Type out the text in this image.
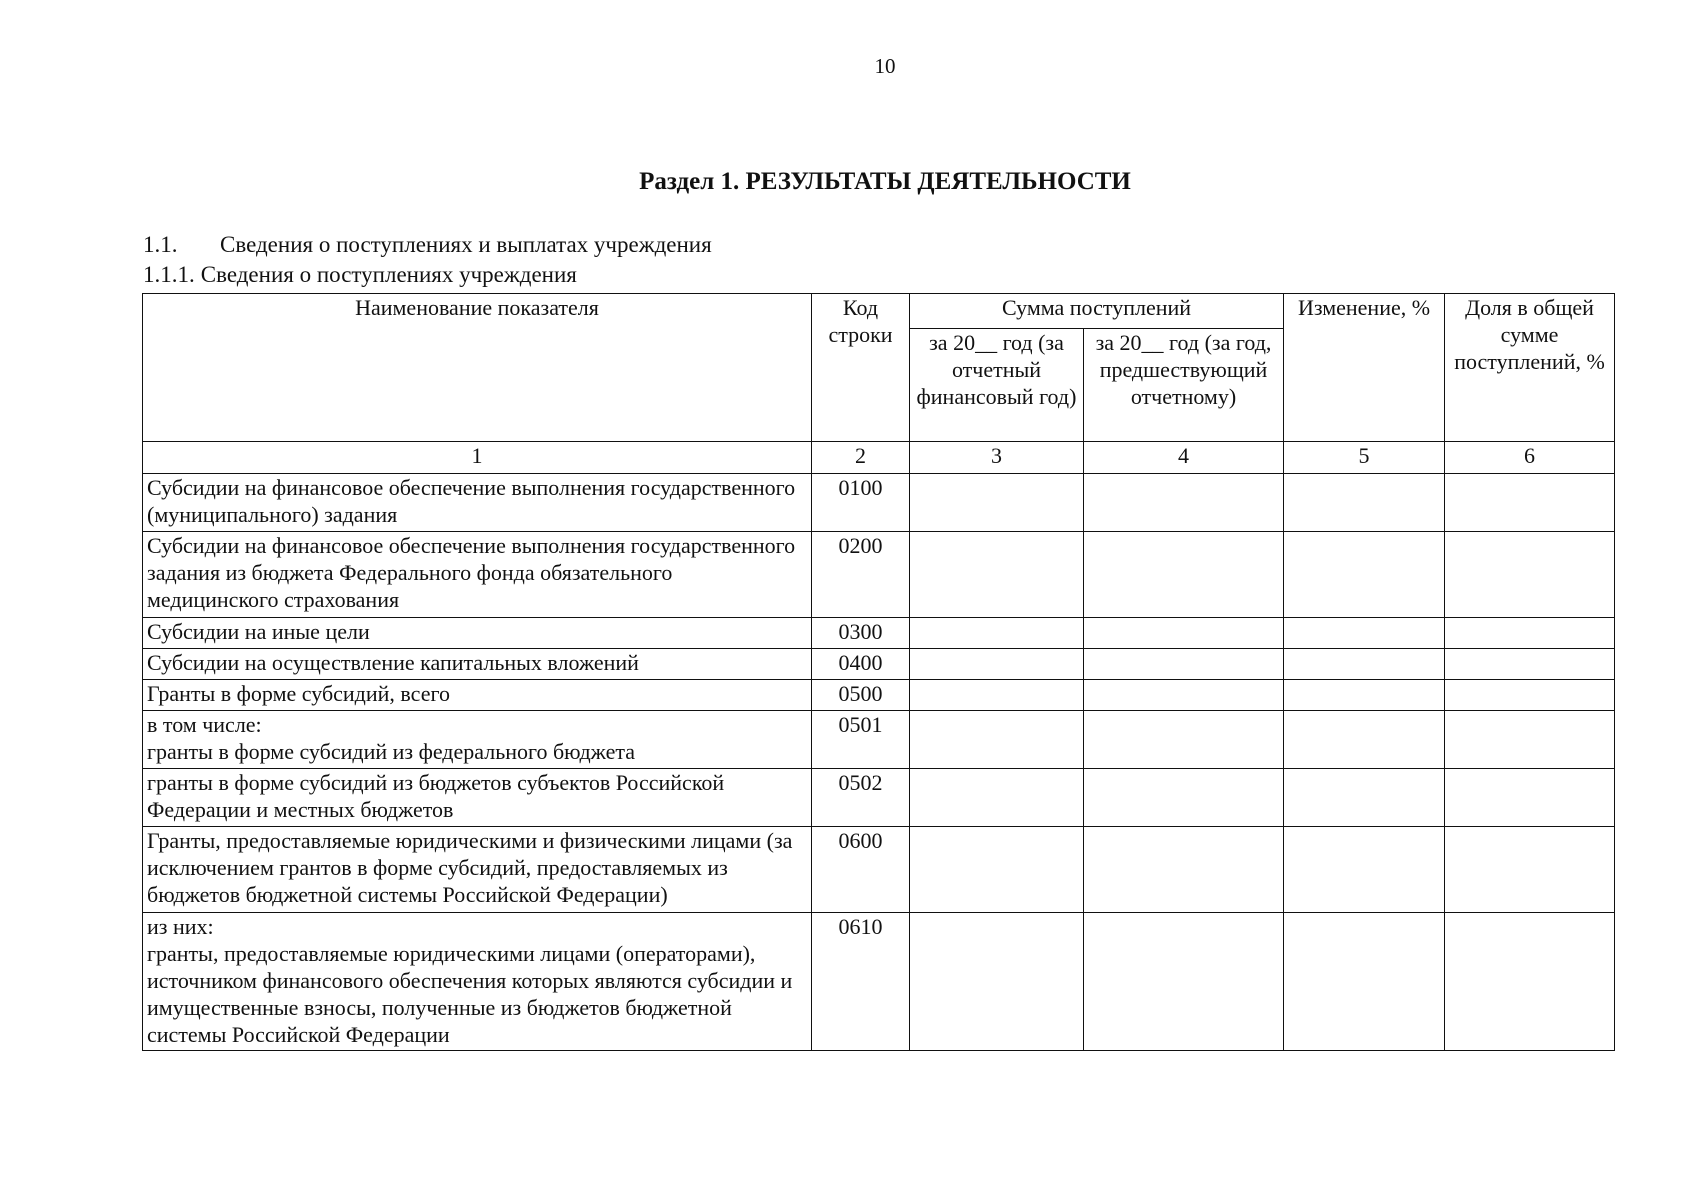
10
Раздел 1. РЕЗУЛЬТАТЫ ДЕЯТЕЛЬНОСТИ
1.1. Сведения о поступлениях и выплатах учреждения
1.1.1. Сведения о поступлениях учреждения
Наименование показателя	Код строки	Сумма поступлений		Изменение, %	Доля в общей сумме поступлений, %
		за 20__ год (за отчетный финансовый год)	за 20__ год (за год, предшествующий отчетному)		
1	2	3	4	5	6
Субсидии на финансовое обеспечение выполнения государственного (муниципального) задания	0100				
Субсидии на финансовое обеспечение выполнения государственного задания из бюджета Федерального фонда обязательного медицинского страхования	0200				
Субсидии на иные цели	0300				
Субсидии на осуществление капитальных вложений	0400				
Гранты в форме субсидий, всего	0500				
в том числе:
гранты в форме субсидий из федерального бюджета	0501				
гранты в форме субсидий из бюджетов субъектов Российской Федерации и местных бюджетов	0502				
Гранты, предоставляемые юридическими и физическими лицами (за исключением грантов в форме субсидий, предоставляемых из бюджетов бюджетной системы Российской Федерации)	0600				
из них:
гранты, предоставляемые юридическими лицами (операторами), источником финансового обеспечения которых являются субсидии и имущественные взносы, полученные из бюджетов бюджетной системы Российской Федерации	0610				
